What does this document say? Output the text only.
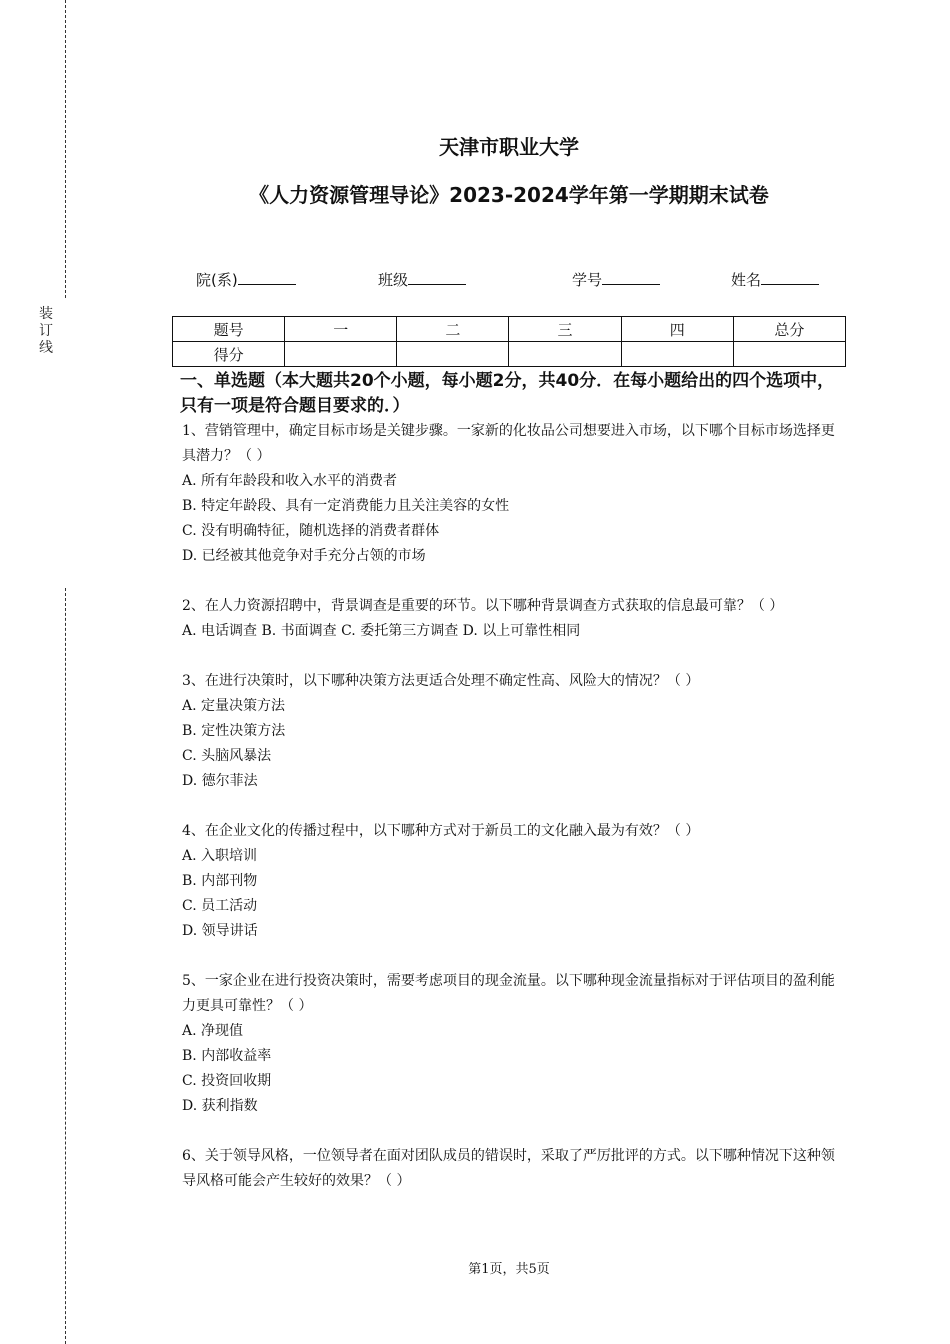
装
订
线
天津市职业大学
《人力资源管理导论》2023-2024学年第一学期期末试卷
院(系)	班级	学号	姓名
题号	一	二	三	四	总分
得分					
一、单选题（本大题共20个小题，每小题2分，共40分．在每小题给出的四个选项中，只有一项是符合题目要求的．）
1、营销管理中，确定目标市场是关键步骤。一家新的化妆品公司想要进入市场，以下哪个目标市场选择更具潜力？（ ）
A. 所有年龄段和收入水平的消费者
B. 特定年龄段、具有一定消费能力且关注美容的女性
C. 没有明确特征，随机选择的消费者群体
D. 已经被其他竞争对手充分占领的市场
2、在人力资源招聘中，背景调查是重要的环节。以下哪种背景调查方式获取的信息最可靠？（ ）
A. 电话调查 B. 书面调查 C. 委托第三方调查 D. 以上可靠性相同
3、在进行决策时，以下哪种决策方法更适合处理不确定性高、风险大的情况？（ ）
A. 定量决策方法
B. 定性决策方法
C. 头脑风暴法
D. 德尔菲法
4、在企业文化的传播过程中，以下哪种方式对于新员工的文化融入最为有效？（ ）
A. 入职培训
B. 内部刊物
C. 员工活动
D. 领导讲话
5、一家企业在进行投资决策时，需要考虑项目的现金流量。以下哪种现金流量指标对于评估项目的盈利能力更具可靠性？（ ）
A. 净现值
B. 内部收益率
C. 投资回收期
D. 获利指数
6、关于领导风格，一位领导者在面对团队成员的错误时，采取了严厉批评的方式。以下哪种情况下这种领导风格可能会产生较好的效果？（ ）
第1页，共5页
